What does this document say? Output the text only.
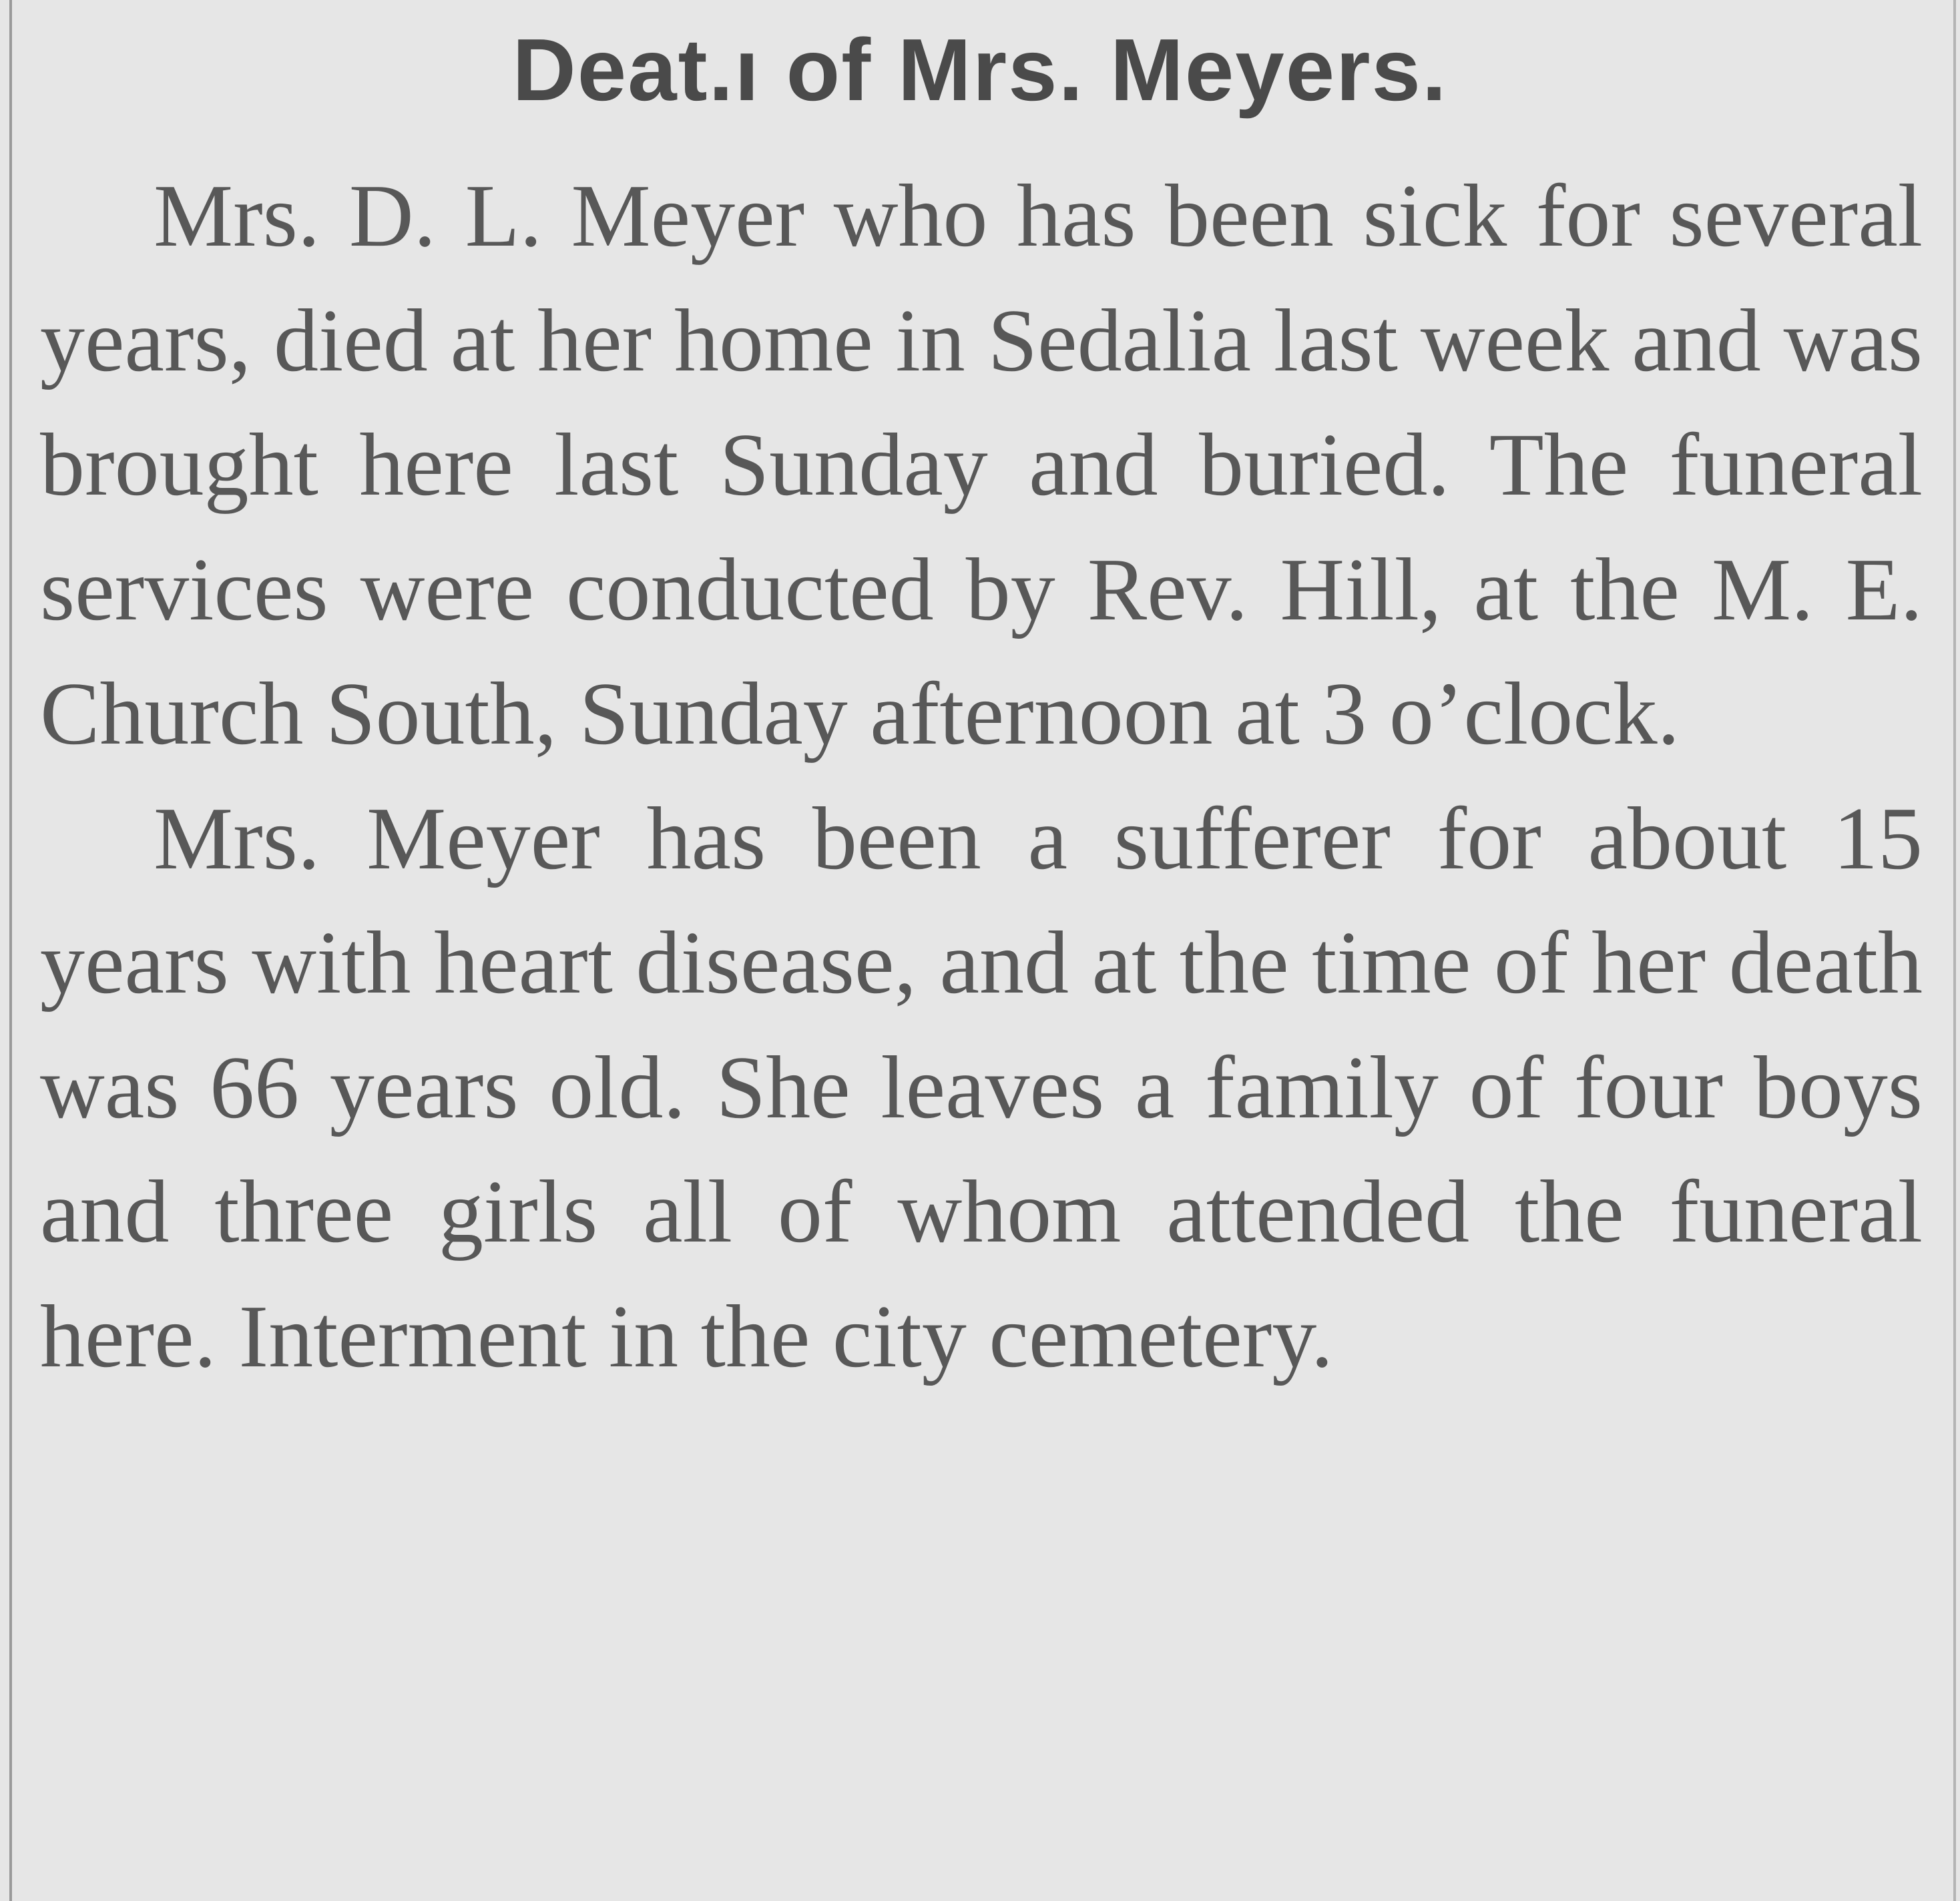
Deat.ı of Mrs. Meyers.

Mrs. D. L. Meyer who has been sick for several years, died at her home in Sedalia last week and was brought here last Sunday and buried. The funeral services were conducted by Rev. Hill, at the M. E. Church South, Sunday afternoon at 3 o’clock.

Mrs. Meyer has been a sufferer for about 15 years with heart disease, and at the time of her death was 66 years old. She leaves a family of four boys and three girls all of whom attended the funeral here. Interment in the city cemetery.
